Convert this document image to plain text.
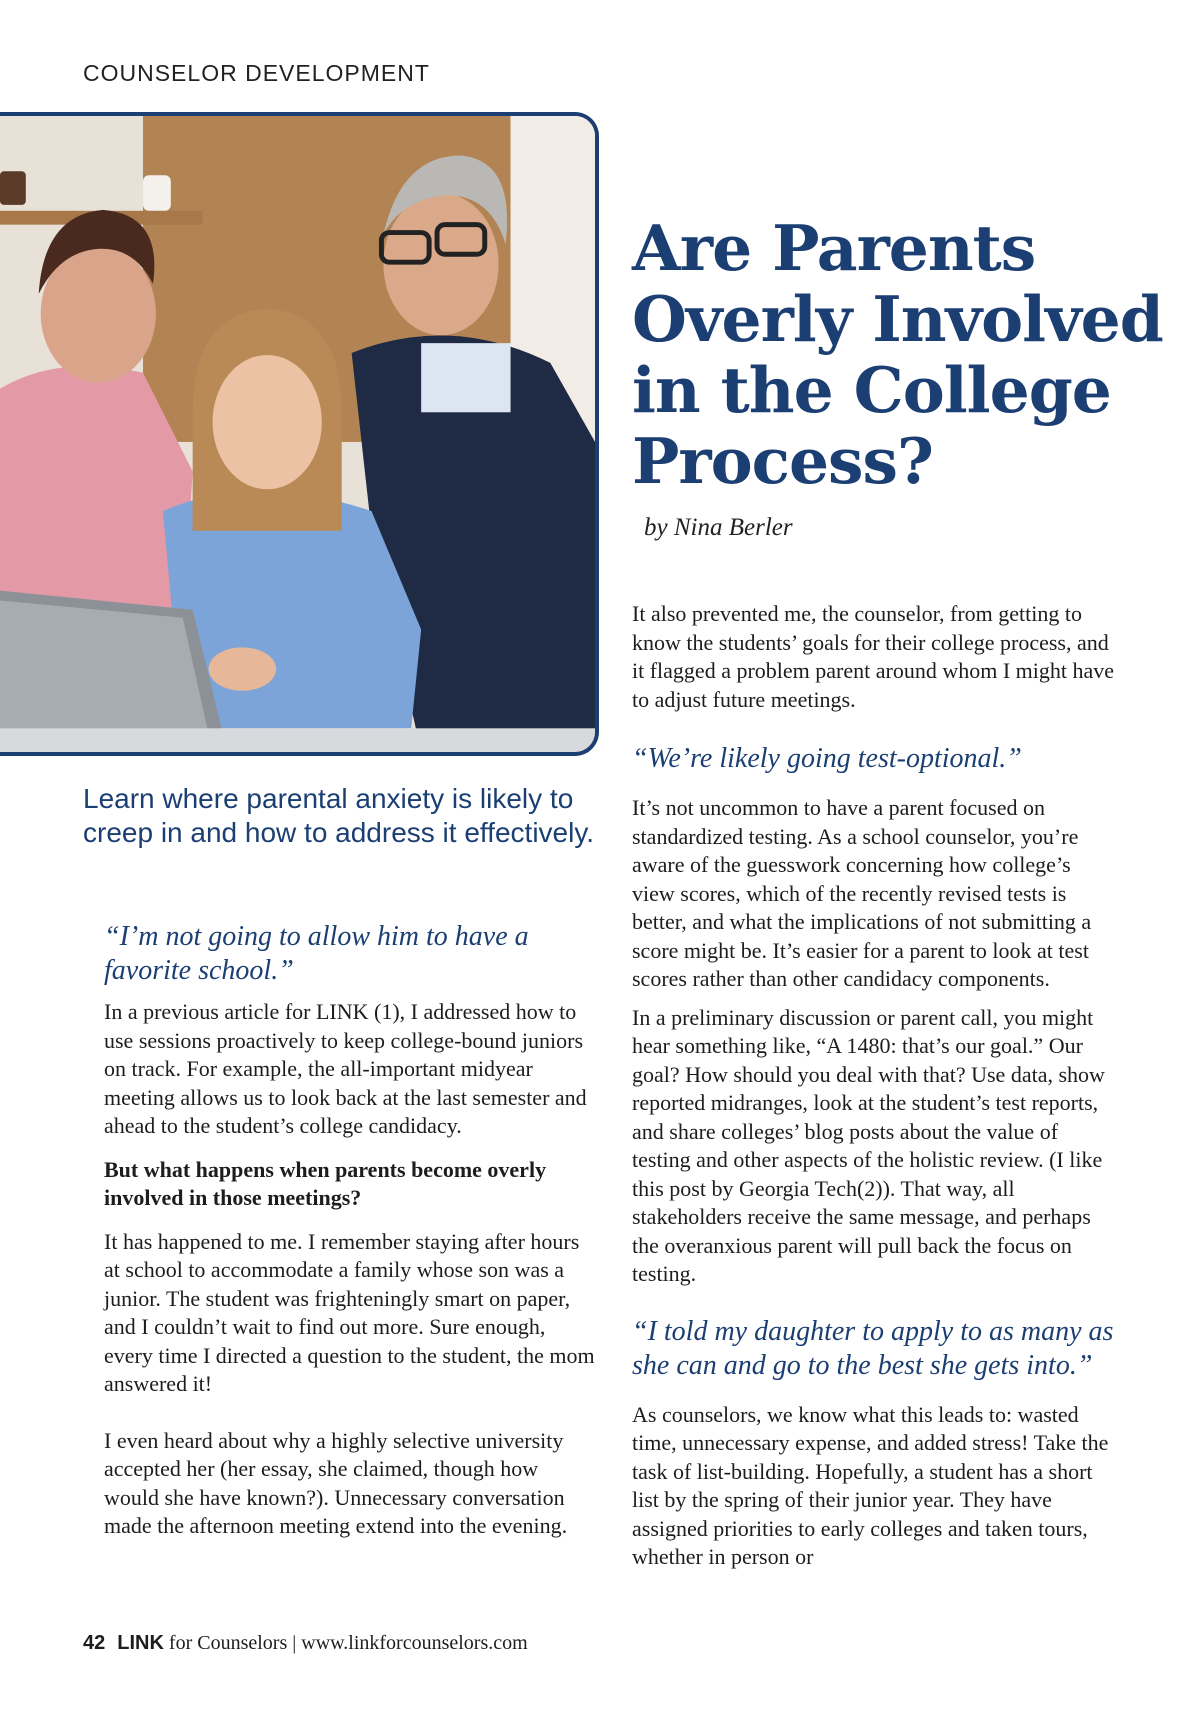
COUNSELOR DEVELOPMENT
Are Parents Overly Involved in the College Process?
by Nina Berler

Learn where parental anxiety is likely to creep in and how to address it effectively.

“I’m not going to allow him to have a favorite school.”

In a previous article for LINK (1), I addressed how to use sessions proactively to keep college-bound juniors on track. For example, the all-important midyear meeting allows us to look back at the last semester and ahead to the student’s college candidacy.

But what happens when parents become overly involved in those meetings?

It has happened to me. I remember staying after hours at school to accommodate a family whose son was a junior. The student was frighteningly smart on paper, and I couldn’t wait to find out more. Sure enough, every time I directed a question to the student, the mom answered it!

I even heard about why a highly selective university accepted her (her essay, she claimed, though how would she have known?). Unnecessary conversation made the afternoon meeting extend into the evening.

It also prevented me, the counselor, from getting to know the students’ goals for their college process, and it flagged a problem parent around whom I might have to adjust future meetings.

“We’re likely going test-optional.”

It’s not uncommon to have a parent focused on standardized testing. As a school counselor, you’re aware of the guesswork concerning how college’s view scores, which of the recently revised tests is better, and what the implications of not submitting a score might be. It’s easier for a parent to look at test scores rather than other candidacy components.

In a preliminary discussion or parent call, you might hear something like, “A 1480: that’s our goal.” Our goal? How should you deal with that? Use data, show reported midranges, look at the student’s test reports, and share colleges’ blog posts about the value of testing and other aspects of the holistic review. (I like this post by Georgia Tech(2)). That way, all stakeholders receive the same message, and perhaps the overanxious parent will pull back the focus on testing.

“I told my daughter to apply to as many as she can and go to the best she gets into.”

As counselors, we know what this leads to: wasted time, unnecessary expense, and added stress! Take the task of list-building. Hopefully, a student has a short list by the spring of their junior year. They have assigned priorities to early colleges and taken tours, whether in person or

42 LINK for Counselors | www.linkforcounselors.com
